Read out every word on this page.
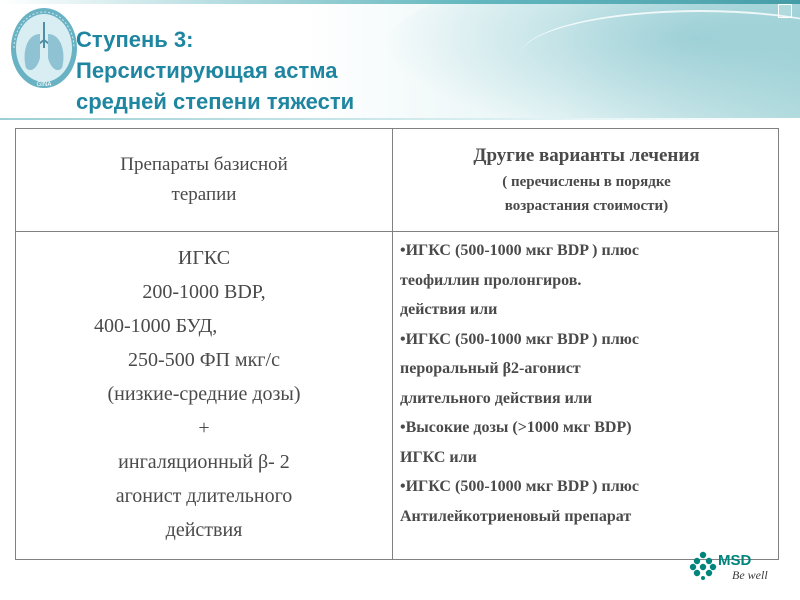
GINA
Ступень 3:
Персистирующая астма
средней степени тяжести
Препараты базисной
терапии
Другие варианты лечения
( перечислены в порядке
возрастания стоимости)
ИГКС
200-1000 BDP,
400-1000 БУД,
250-500 ФП мкг/с
(низкие-средние дозы)
+
ингаляционный β- 2
агонист длительного
действия
•ИГКС (500-1000 мкг BDP ) плюс
теофиллин пролонгиров.
действия или
•ИГКС (500-1000 мкг BDP ) плюс
пероральный β2-агонист
длительного действия или
•Высокие дозы (>1000 мкг BDP)
ИГКС или
•ИГКС (500-1000 мкг BDP ) плюс
Антилейкотриеновый препарат
MSD
Be well
